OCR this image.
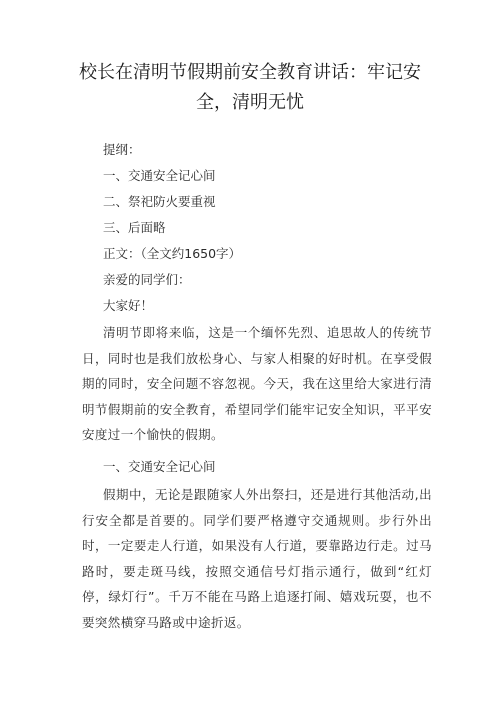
校长在清明节假期前安全教育讲话：牢记安
全，清明无忧
提纲：
一、交通安全记心间
二、祭祀防火要重视
三、后面略
正文：（全文约1650字）
亲爱的同学们：
大家好！
清明节即将来临，这是一个缅怀先烈、追思故人的传统节日，同时也是我们放松身心、与家人相聚的好时机。在享受假期的同时，安全问题不容忽视。今天，我在这里给大家进行清明节假期前的安全教育，希望同学们能牢记安全知识，平平安安度过一个愉快的假期。
一、交通安全记心间
假期中，无论是跟随家人外出祭扫，还是进行其他活动,出行安全都是首要的。同学们要严格遵守交通规则。步行外出时，一定要走人行道，如果没有人行道，要靠路边行走。过马路时，要走斑马线，按照交通信号灯指示通行，做到“红灯停，绿灯行”。千万不能在马路上追逐打闹、嬉戏玩耍，也不要突然横穿马路或中途折返。
